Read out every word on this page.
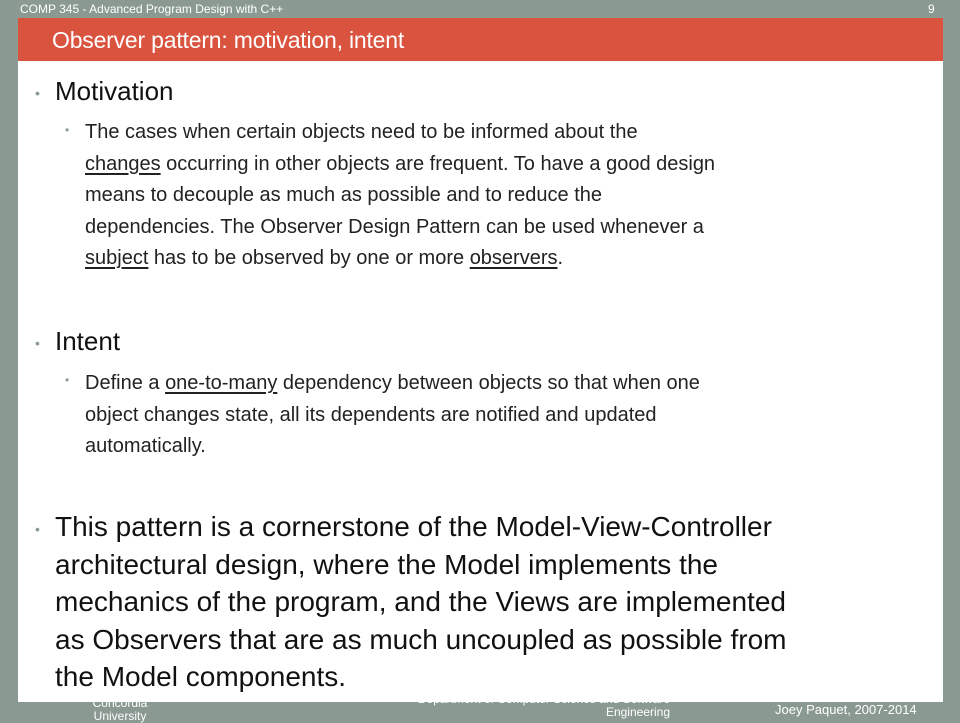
COMP 345 - Advanced Program Design with C++	9
Observer pattern: motivation, intent
• Motivation
• The cases when certain objects need to be informed about the
changes occurring in other objects are frequent. To have a good design
means to decouple as much as possible and to reduce the
dependencies. The Observer Design Pattern can be used whenever a
subject has to be observed by one or more observers.
• Intent
• Define a one-to-many dependency between objects so that when one
object changes state, all its dependents are notified and updated
automatically.
• This pattern is a cornerstone of the Model-View-Controller
architectural design, where the Model implements the
mechanics of the program, and the Views are implemented
as Observers that are as much uncoupled as possible from
the Model components.
Concordia
University
Department of Computer Science and Software
Engineering	Joey Paquet, 2007-2014
